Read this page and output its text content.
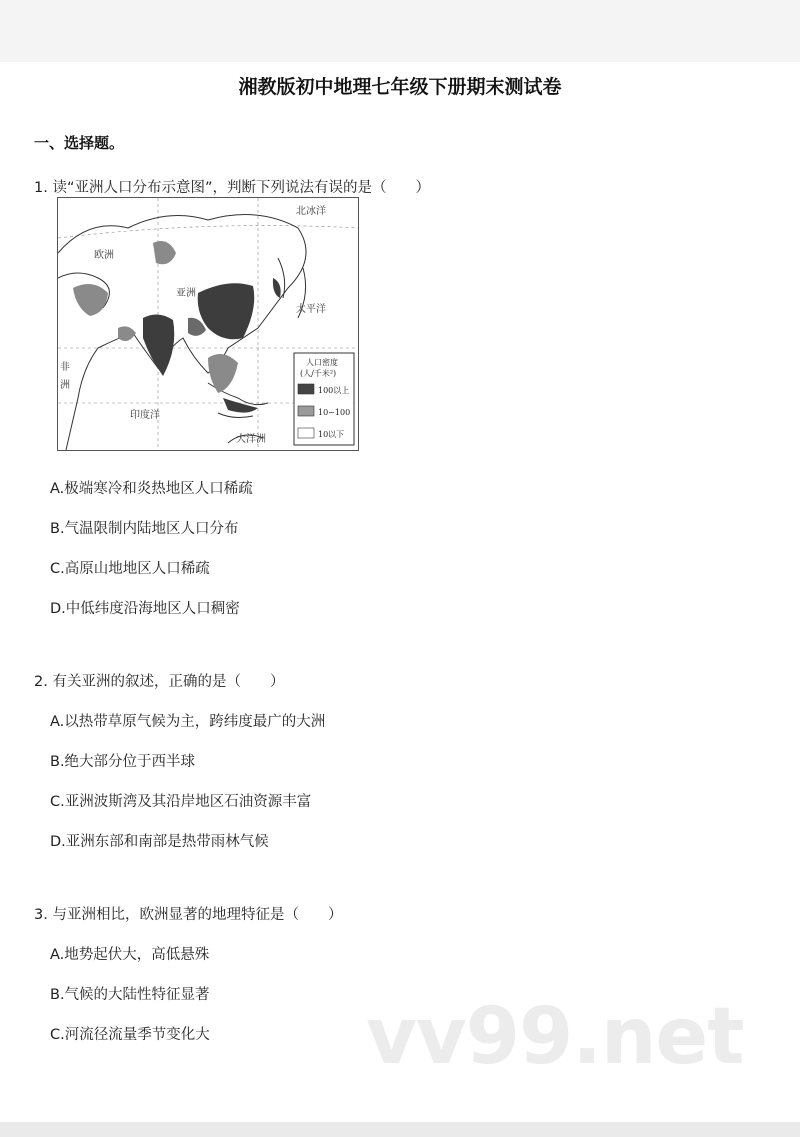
湘教版初中地理七年级下册期末测试卷
一、选择题。
1. 读“亚洲人口分布示意图”，判断下列说法有误的是（　　）
北冰洋
欧洲
亚洲
太平洋
非
洲
印度洋
大洋洲
人口密度
(人/千米²)
100以上
10~100
10以下
A.极端寒冷和炎热地区人口稀疏
B.气温限制内陆地区人口分布
C.高原山地地区人口稀疏
D.中低纬度沿海地区人口稠密
2. 有关亚洲的叙述，正确的是（　　）
A.以热带草原气候为主，跨纬度最广的大洲
B.绝大部分位于西半球
C.亚洲波斯湾及其沿岸地区石油资源丰富
D.亚洲东部和南部是热带雨林气候
3. 与亚洲相比，欧洲显著的地理特征是（　　）
A.地势起伏大，高低悬殊
B.气候的大陆性特征显著
C.河流径流量季节变化大 vv99.net
